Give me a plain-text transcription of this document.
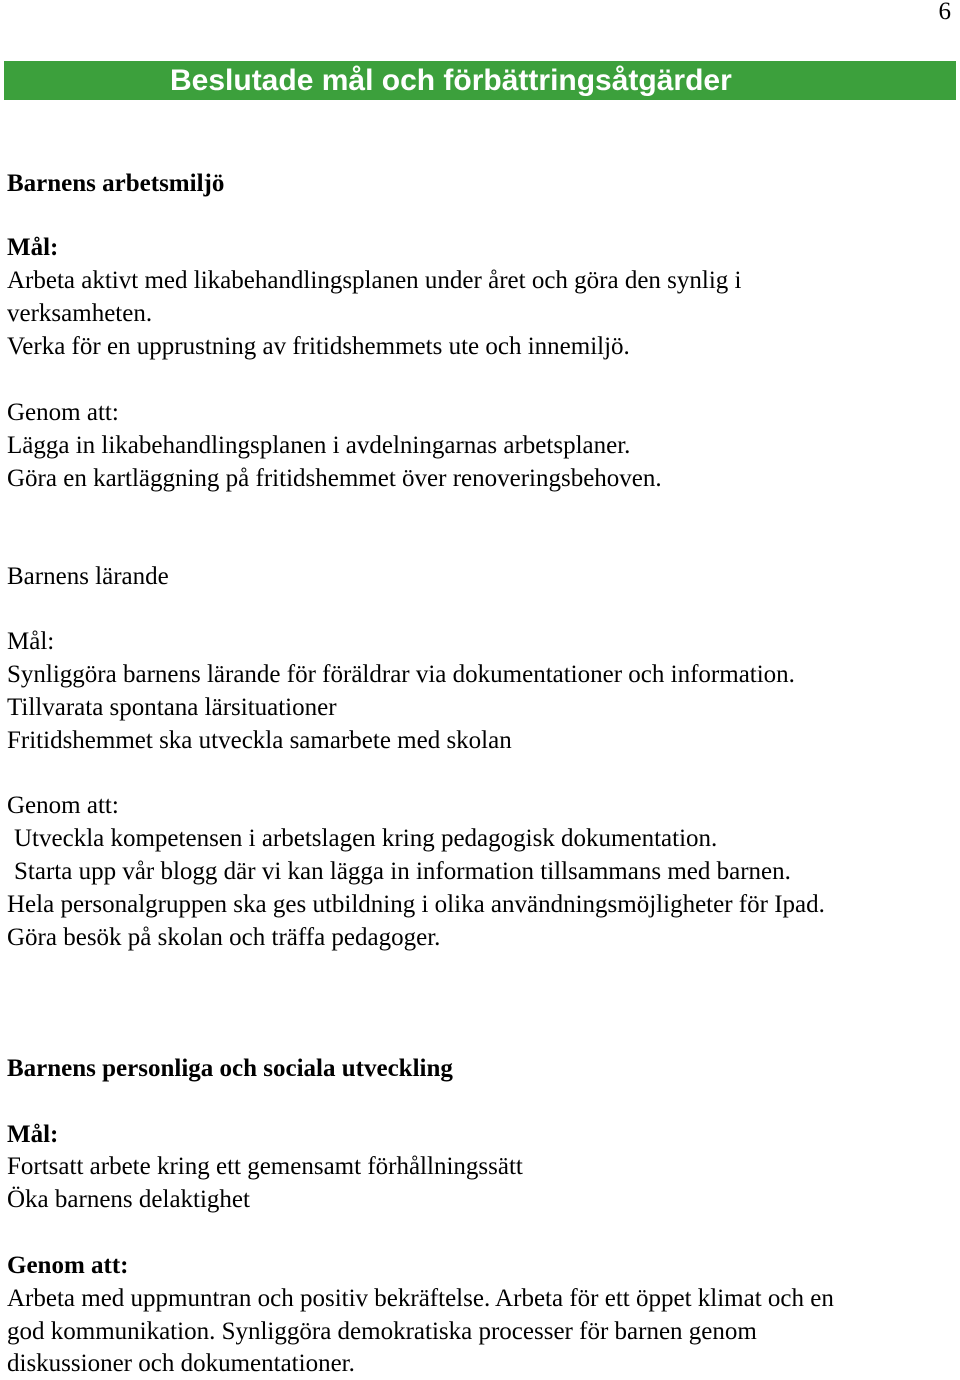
6
Beslutade mål och förbättringsåtgärder
Barnens arbetsmiljö
Mål:
Arbeta aktivt med likabehandlingsplanen under året och göra den synlig i
verksamheten.
Verka för en upprustning av fritidshemmets ute och innemiljö.
Genom att:
Lägga in likabehandlingsplanen i avdelningarnas arbetsplaner.
Göra en kartläggning på fritidshemmet över renoveringsbehoven.
Barnens lärande
Mål:
Synliggöra barnens lärande för föräldrar via dokumentationer och information.
Tillvarata spontana lärsituationer
Fritidshemmet ska utveckla samarbete med skolan
Genom att:
Utveckla kompetensen i arbetslagen kring pedagogisk dokumentation.
Starta upp vår blogg där vi kan lägga in information tillsammans med barnen.
Hela personalgruppen ska ges utbildning i olika användningsmöjligheter för Ipad.
Göra besök på skolan och träffa pedagoger.
Barnens personliga och sociala utveckling
Mål:
Fortsatt arbete kring ett gemensamt förhållningssätt
Öka barnens delaktighet
Genom att:
Arbeta med uppmuntran och positiv bekräftelse. Arbeta för ett öppet klimat och en
god kommunikation. Synliggöra demokratiska processer för barnen genom
diskussioner och dokumentationer.
